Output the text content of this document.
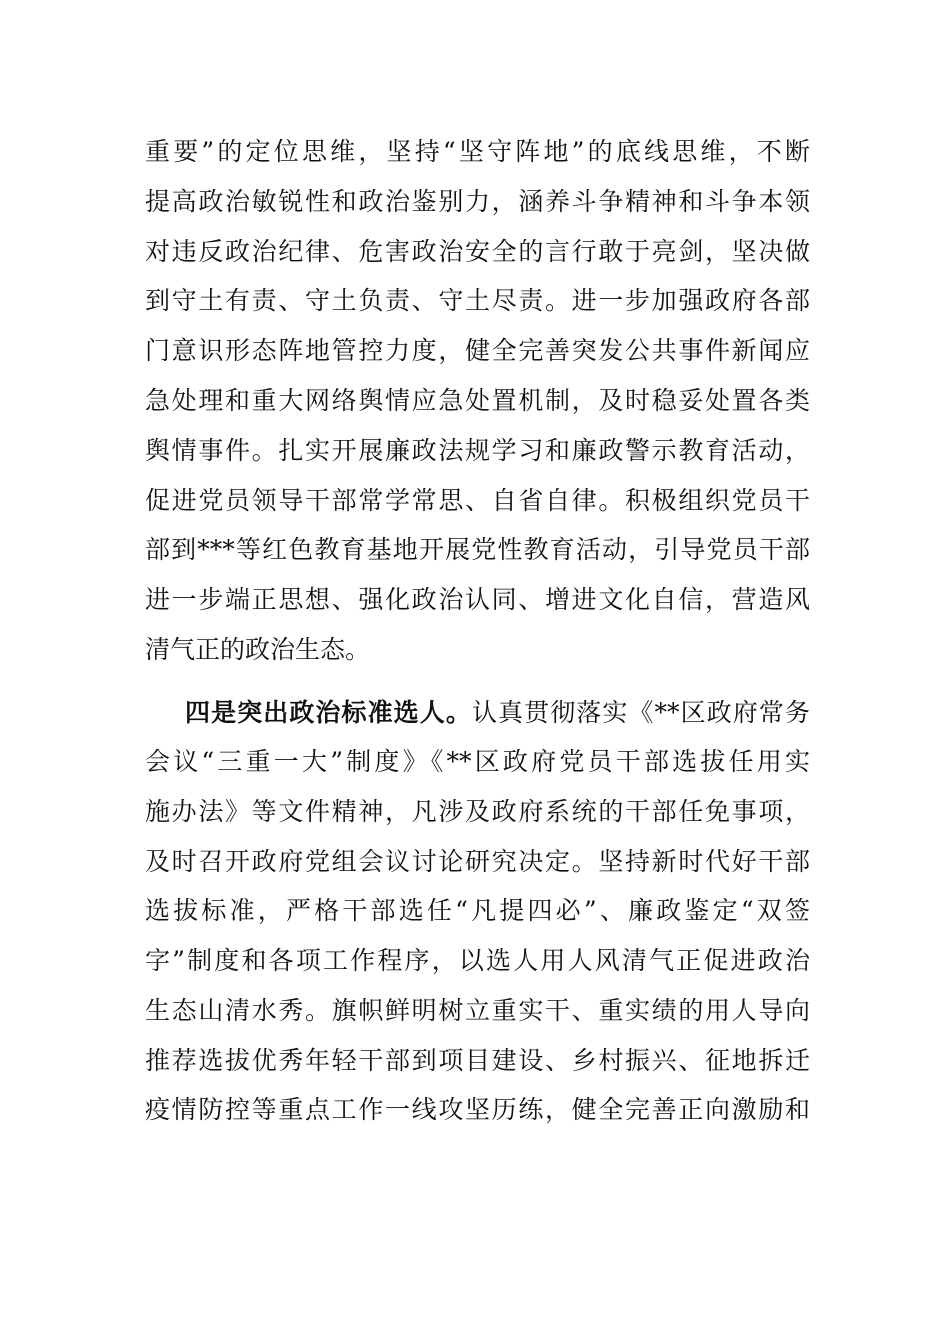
重要”的定位思维，坚持“坚守阵地”的底线思维，不断

提高政治敏锐性和政治鉴别力，涵养斗争精神和斗争本领

对违反政治纪律、危害政治安全的言行敢于亮剑，坚决做

到守土有责、守土负责、守土尽责。进一步加强政府各部

门意识形态阵地管控力度，健全完善突发公共事件新闻应

急处理和重大网络舆情应急处置机制，及时稳妥处置各类

舆情事件。扎实开展廉政法规学习和廉政警示教育活动，

促进党员领导干部常学常思、自省自律。积极组织党员干

部到***等红色教育基地开展党性教育活动，引导党员干部

进一步端正思想、强化政治认同、增进文化自信，营造风

清气正的政治生态。

四是突出政治标准选人。认真贯彻落实《**区政府常务

会议“三重一大”制度》《**区政府党员干部选拔任用实

施办法》等文件精神，凡涉及政府系统的干部任免事项，

及时召开政府党组会议讨论研究决定。坚持新时代好干部

选拔标准，严格干部选任“凡提四必”、廉政鉴定“双签

字”制度和各项工作程序，以选人用人风清气正促进政治

生态山清水秀。旗帜鲜明树立重实干、重实绩的用人导向

推荐选拔优秀年轻干部到项目建设、乡村振兴、征地拆迁

疫情防控等重点工作一线攻坚历练，健全完善正向激励和
